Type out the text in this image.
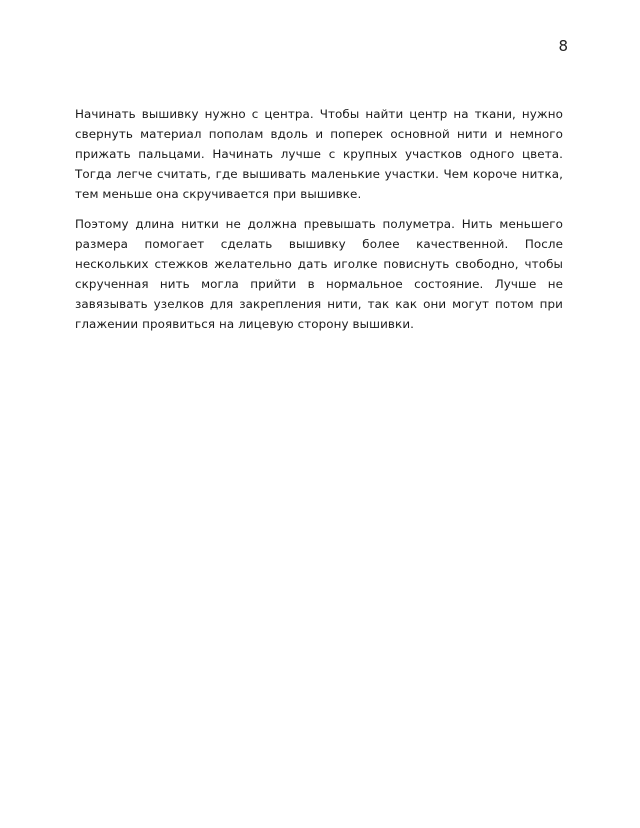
8

Начинать вышивку нужно с центра. Чтобы найти центр на ткани, нужно свернуть материал пополам вдоль и поперек основной нити и немного прижать пальцами. Начинать лучше с крупных участков одного цвета. Тогда легче считать, где вышивать маленькие участки. Чем короче нитка, тем меньше она скручивается при вышивке.

Поэтому длина нитки не должна превышать полуметра. Нить меньшего размера помогает сделать вышивку более качественной. После нескольких стежков желательно дать иголке повиснуть свободно, чтобы скрученная нить могла прийти в нормальное состояние. Лучше не завязывать узелков для закрепления нити, так как они могут потом при глажении проявиться на лицевую сторону вышивки.
